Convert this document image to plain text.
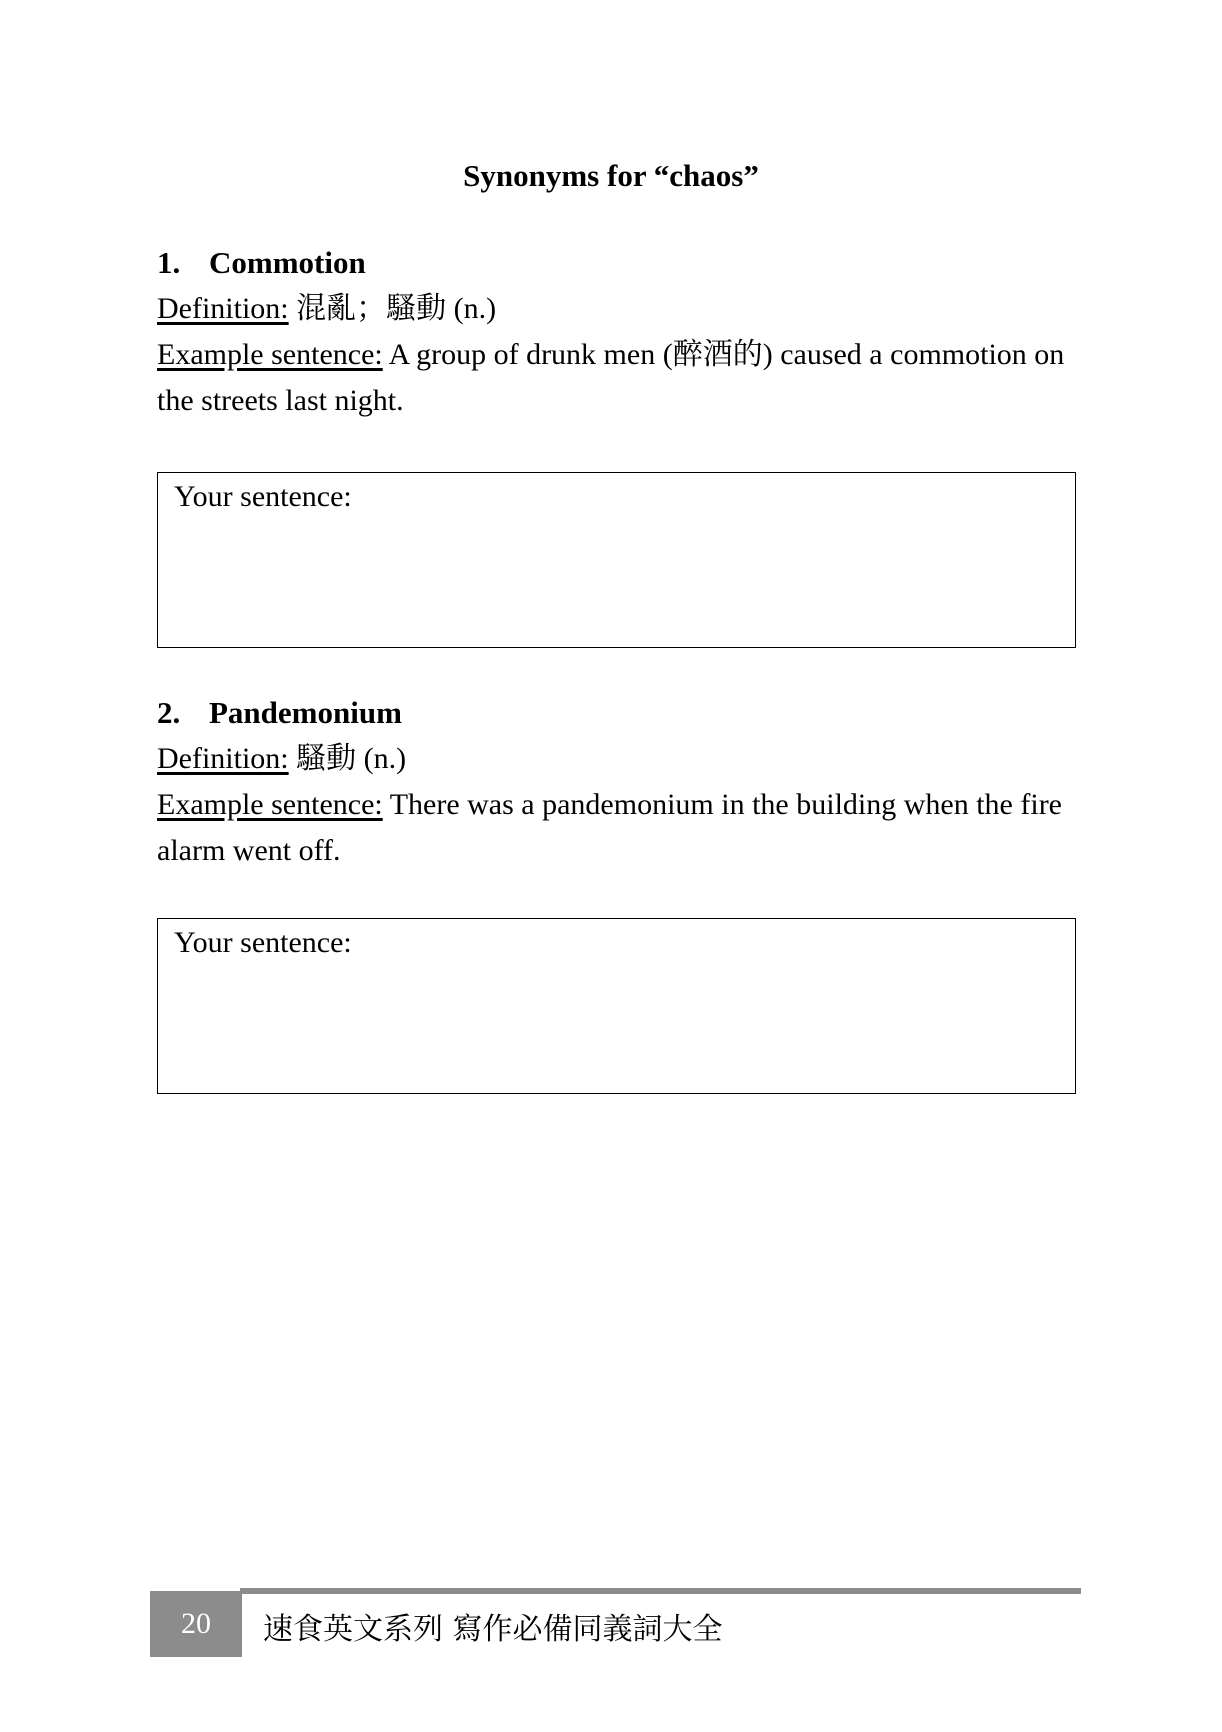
Synonyms for “chaos”
1. Commotion
Definition: 混亂；騷動 (n.)
Example sentence: A group of drunk men (醉酒的) caused a commotion on the streets last night.
Your sentence:
2. Pandemonium
Definition: 騷動 (n.)
Example sentence: There was a pandemonium in the building when the fire alarm went off.
Your sentence:
20	速食英文系列 寫作必備同義詞大全
